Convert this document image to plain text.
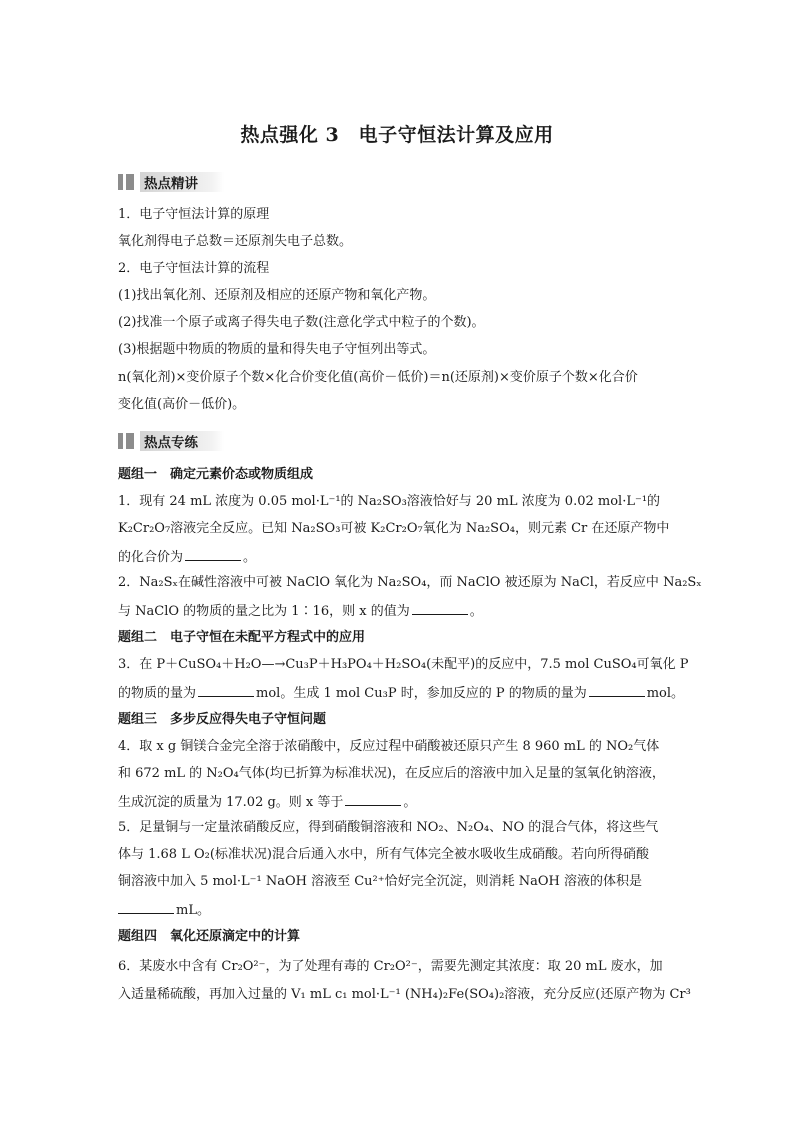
热点强化 3　电子守恒法计算及应用
热点精讲
1．电子守恒法计算的原理
氧化剂得电子总数＝还原剂失电子总数。
2．电子守恒法计算的流程
(1)找出氧化剂、还原剂及相应的还原产物和氧化产物。
(2)找准一个原子或离子得失电子数(注意化学式中粒子的个数)。
(3)根据题中物质的物质的量和得失电子守恒列出等式。
n(氧化剂)×变价原子个数×化合价变化值(高价－低价)＝n(还原剂)×变价原子个数×化合价
变化值(高价－低价)。
热点专练
题组一　确定元素价态或物质组成
1．现有 24 mL 浓度为 0.05 mol·L⁻¹的 Na₂SO₃溶液恰好与 20 mL 浓度为 0.02 mol·L⁻¹的
K₂Cr₂O₇溶液完全反应。已知 Na₂SO₃可被 K₂Cr₂O₇氧化为 Na₂SO₄，则元素 Cr 在还原产物中
的化合价为	。
2．Na₂Sₓ在碱性溶液中可被 NaClO 氧化为 Na₂SO₄，而 NaClO 被还原为 NaCl，若反应中 Na₂Sₓ
与 NaClO 的物质的量之比为 1∶16，则 x 的值为	。
题组二　电子守恒在未配平方程式中的应用
3．在 P＋CuSO₄＋H₂O—→Cu₃P＋H₃PO₄＋H₂SO₄(未配平)的反应中，7.5 mol CuSO₄可氧化 P
的物质的量为	mol。生成 1 mol Cu₃P 时，参加反应的 P 的物质的量为	mol。
题组三　多步反应得失电子守恒问题
4．取 x g 铜镁合金完全溶于浓硝酸中，反应过程中硝酸被还原只产生 8 960 mL 的 NO₂气体
和 672 mL 的 N₂O₄气体(均已折算为标准状况)，在反应后的溶液中加入足量的氢氧化钠溶液，
生成沉淀的质量为 17.02 g。则 x 等于	。
5．足量铜与一定量浓硝酸反应，得到硝酸铜溶液和 NO₂、N₂O₄、NO 的混合气体，将这些气
体与 1.68 L O₂(标准状况)混合后通入水中，所有气体完全被水吸收生成硝酸。若向所得硝酸
铜溶液中加入 5 mol·L⁻¹ NaOH 溶液至 Cu²⁺恰好完全沉淀，则消耗 NaOH 溶液的体积是
mL。
题组四　氧化还原滴定中的计算
6．某废水中含有 Cr₂O²⁻，为了处理有毒的 Cr₂O²⁻，需要先测定其浓度：取 20 mL 废水，加
入适量稀硫酸，再加入过量的 V₁ mL c₁ mol·L⁻¹ (NH₄)₂Fe(SO₄)₂溶液，充分反应(还原产物为 Cr³
